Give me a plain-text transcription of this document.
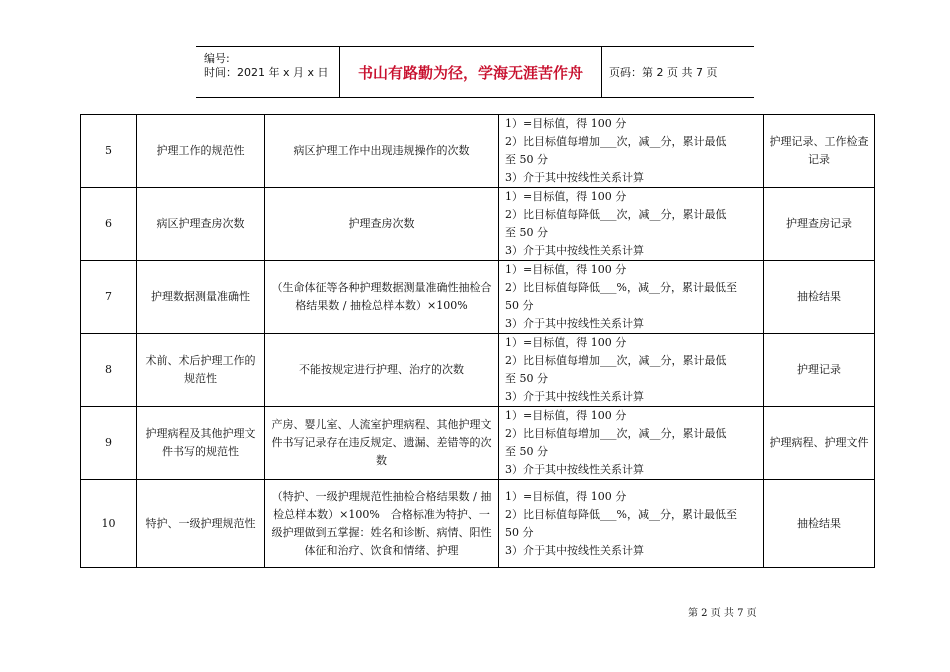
编号:
时间：2021 年 x 月 x 日	书山有路勤为径，学海无涯苦作舟	页码：第 2 页 共 7 页
5	护理工作的规范性	病区护理工作中出现违规操作的次数	1）=目标值，得 100 分
2）比目标值每增加___次，减__分，累计最低
至 50 分
3）介于其中按线性关系计算	护理记录、工作检查记录
6	病区护理查房次数	护理查房次数	1）=目标值，得 100 分
2）比目标值每降低___次，减__分，累计最低
至 50 分
3）介于其中按线性关系计算	护理查房记录
7	护理数据测量准确性	（生命体征等各种护理数据测量准确性抽检合格结果数 / 抽检总样本数）×100%	1）=目标值，得 100 分
2）比目标值每降低___%，减__分，累计最低至
50 分
3）介于其中按线性关系计算	抽检结果
8	术前、术后护理工作的规范性	不能按规定进行护理、治疗的次数	1）=目标值，得 100 分
2）比目标值每增加___次，减__分，累计最低
至 50 分
3）介于其中按线性关系计算	护理记录
9	护理病程及其他护理文件书写的规范性	产房、婴儿室、人流室护理病程、其他护理文件书写记录存在违反规定、遗漏、差错等的次数	1）=目标值，得 100 分
2）比目标值每增加___次，减__分，累计最低
至 50 分
3）介于其中按线性关系计算	护理病程、护理文件
10	特护、一级护理规范性	（特护、一级护理规范性抽检合格结果数 / 抽检总样本数）×100%　合格标准为特护、一级护理做到五掌握：姓名和诊断、病情、阳性体征和治疗、饮食和情绪、护理	1）=目标值，得 100 分
2）比目标值每降低___%，减__分，累计最低至
50 分
3）介于其中按线性关系计算	抽检结果
第 2 页 共 7 页
